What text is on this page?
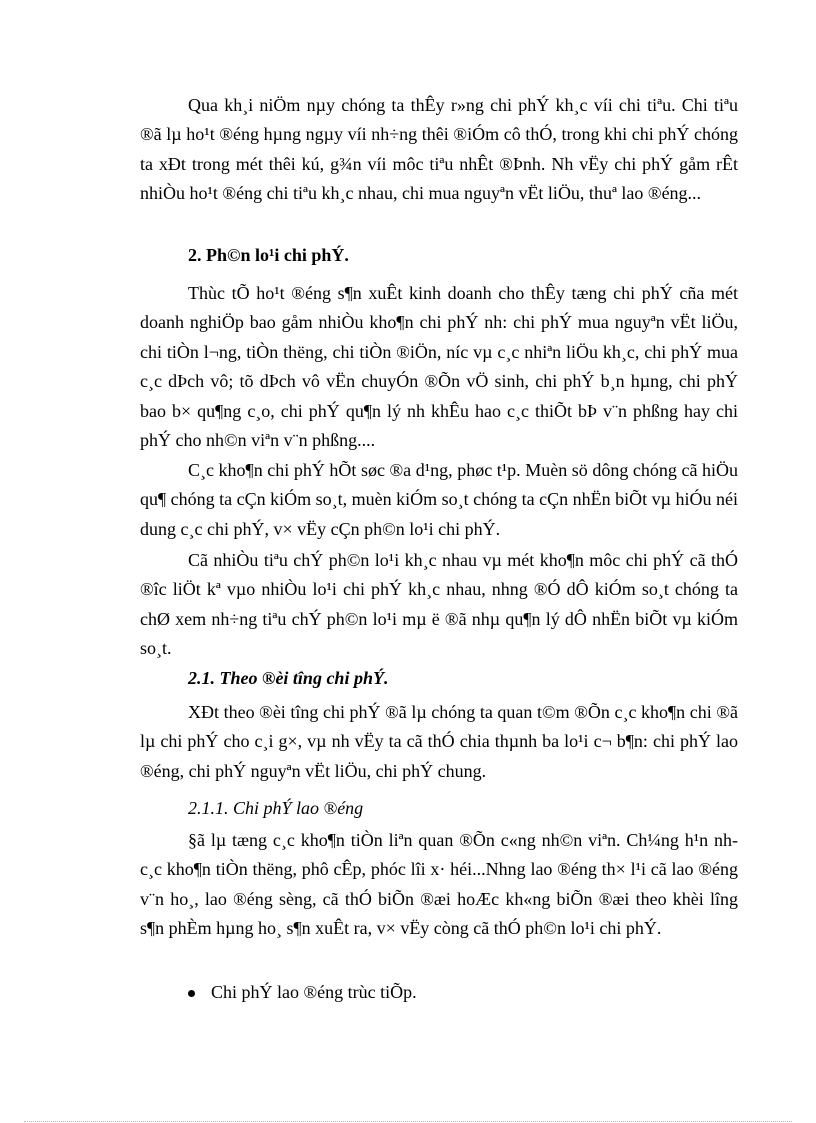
Qua kh¸i niÖm nµy chóng ta thÊy r»ng chi phÝ kh¸c víi chi tiªu. Chi tiªu ®ã lµ ho¹t ®éng hµng ngµy víi nh÷ng thêi ®iÓm cô thÓ, trong khi chi phÝ chóng ta xÐt trong mét thêi kú, g¾n víi môc tiªu nhÊt ®Þnh. Nh vËy chi phÝ gåm rÊt nhiÒu ho¹t ®éng chi tiªu kh¸c nhau, chi mua nguyªn vËt liÖu, thuª lao ®éng...

2. Ph©n lo¹i chi phÝ.

Thùc tÕ ho¹t ®éng s¶n xuÊt kinh doanh cho thÊy tæng chi phÝ cña mét doanh nghiÖp bao gåm nhiÒu kho¶n chi phÝ nh: chi phÝ mua nguyªn vËt liÖu, chi tiÒn l¬ng, tiÒn thëng, chi tiÒn ®iÖn, níc vµ c¸c nhiªn liÖu kh¸c, chi phÝ mua c¸c dÞch vô; tõ dÞch vô vËn chuyÓn ®Õn vÖ sinh, chi phÝ b¸n hµng, chi phÝ bao b× qu¶ng c¸o, chi phÝ qu¶n lý nh khÊu hao c¸c thiÕt bÞ v¨n phßng hay chi phÝ cho nh©n viªn v¨n phßng....

C¸c kho¶n chi phÝ hÕt søc ®a d¹ng, phøc t¹p. Muèn sö dông chóng cã hiÖu qu¶ chóng ta cÇn kiÓm so¸t, muèn kiÓm so¸t chóng ta cÇn nhËn biÕt vµ hiÓu néi dung c¸c chi phÝ, v× vËy cÇn ph©n lo¹i chi phÝ.

Cã nhiÒu tiªu chÝ ph©n lo¹i kh¸c nhau vµ mét kho¶n môc chi phÝ cã thÓ ®îc liÖt kª vµo nhiÒu lo¹i chi phÝ kh¸c nhau, nhng ®Ó dÔ kiÓm so¸t chóng ta chØ xem nh÷ng tiªu chÝ ph©n lo¹i mµ ë ®ã nhµ qu¶n lý dÔ nhËn biÕt vµ kiÓm so¸t.

2.1. Theo ®èi tîng chi phÝ.

XÐt theo ®èi tîng chi phÝ ®ã lµ chóng ta quan t©m ®Õn c¸c kho¶n chi ®ã lµ chi phÝ cho c¸i g×, vµ nh vËy ta cã thÓ chia thµnh ba lo¹i c¬ b¶n: chi phÝ lao ®éng, chi phÝ nguyªn vËt liÖu, chi phÝ chung.

2.1.1. Chi phÝ lao ®éng

§ã lµ tæng c¸c kho¶n tiÒn liªn quan ®Õn c«ng nh©n viªn. Ch¼ng h¹n nh c¸c kho¶n tiÒn thëng, phô cÊp, phóc lîi x· héi...Nhng lao ®éng th× l¹i cã lao ®éng v¨n ho¸, lao ®éng sèng, cã thÓ biÕn ®æi hoÆc kh«ng biÕn ®æi theo khèi lîng s¶n phÈm hµng ho¸ s¶n xuÊt ra, v× vËy còng cã thÓ ph©n lo¹i chi phÝ.

Chi phÝ lao ®éng trùc tiÕp.
